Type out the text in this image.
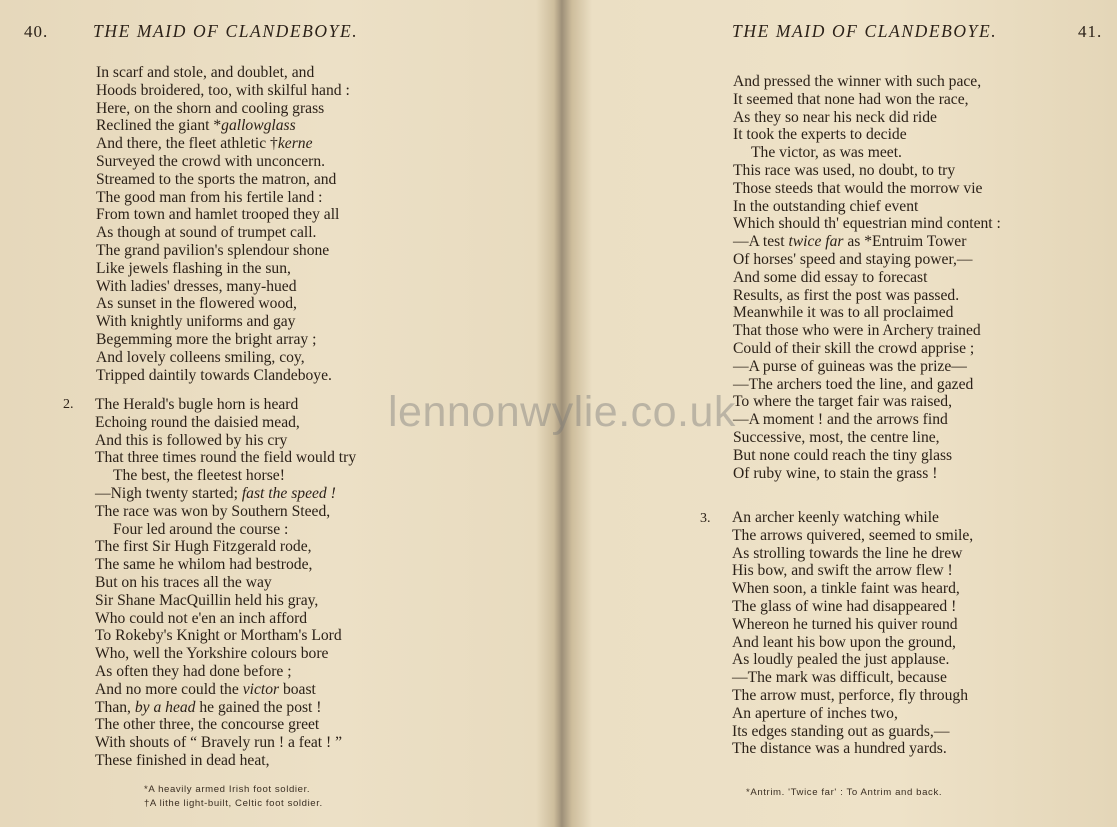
40.	THE MAID OF CLANDEBOYE.
In scarf and stole, and doublet, and
Hoods broidered, too, with skilful hand :
Here, on the shorn and cooling grass
Reclined the giant *gallowglass
And there, the fleet athletic †kerne
Surveyed the crowd with unconcern.
Streamed to the sports the matron, and
The good man from his fertile land :
From town and hamlet trooped they all
As though at sound of trumpet call.
The grand pavilion's splendour shone
Like jewels flashing in the sun,
With ladies' dresses, many-hued
As sunset in the flowered wood,
With knightly uniforms and gay
Begemming more the bright array ;
And lovely colleens smiling, coy,
Tripped daintily towards Clandeboye.
2. The Herald's bugle horn is heard
Echoing round the daisied mead,
And this is followed by his cry
That three times round the field would try
The best, the fleetest horse!
—Nigh twenty started; fast the speed !
The race was won by Southern Steed,
Four led around the course :
The first Sir Hugh Fitzgerald rode,
The same he whilom had bestrode,
But on his traces all the way
Sir Shane MacQuillin held his gray,
Who could not e'en an inch afford
To Rokeby's Knight or Mortham's Lord
Who, well the Yorkshire colours bore
As often they had done before ;
And no more could the victor boast
Than, by a head he gained the post !
The other three, the concourse greet
With shouts of “ Bravely run ! a feat ! ”
These finished in dead heat,
*A heavily armed Irish foot soldier.
†A lithe light-built, Celtic foot soldier.
THE MAID OF CLANDEBOYE.	41.
And pressed the winner with such pace,
It seemed that none had won the race,
As they so near his neck did ride
It took the experts to decide
The victor, as was meet.
This race was used, no doubt, to try
Those steeds that would the morrow vie
In the outstanding chief event
Which should th' equestrian mind content :
—A test twice far as *Entruim Tower
Of horses' speed and staying power,—
And some did essay to forecast
Results, as first the post was passed.
Meanwhile it was to all proclaimed
That those who were in Archery trained
Could of their skill the crowd apprise ;
—A purse of guineas was the prize—
—The archers toed the line, and gazed
To where the target fair was raised,
—A moment ! and the arrows find
Successive, most, the centre line,
But none could reach the tiny glass
Of ruby wine, to stain the grass !
3. An archer keenly watching while
The arrows quivered, seemed to smile,
As strolling towards the line he drew
His bow, and swift the arrow flew !
When soon, a tinkle faint was heard,
The glass of wine had disappeared !
Whereon he turned his quiver round
And leant his bow upon the ground,
As loudly pealed the just applause.
—The mark was difficult, because
The arrow must, perforce, fly through
An aperture of inches two,
Its edges standing out as guards,—
The distance was a hundred yards.
*Antrim. 'Twice far' : To Antrim and back.
lennonwylie.co.uk
